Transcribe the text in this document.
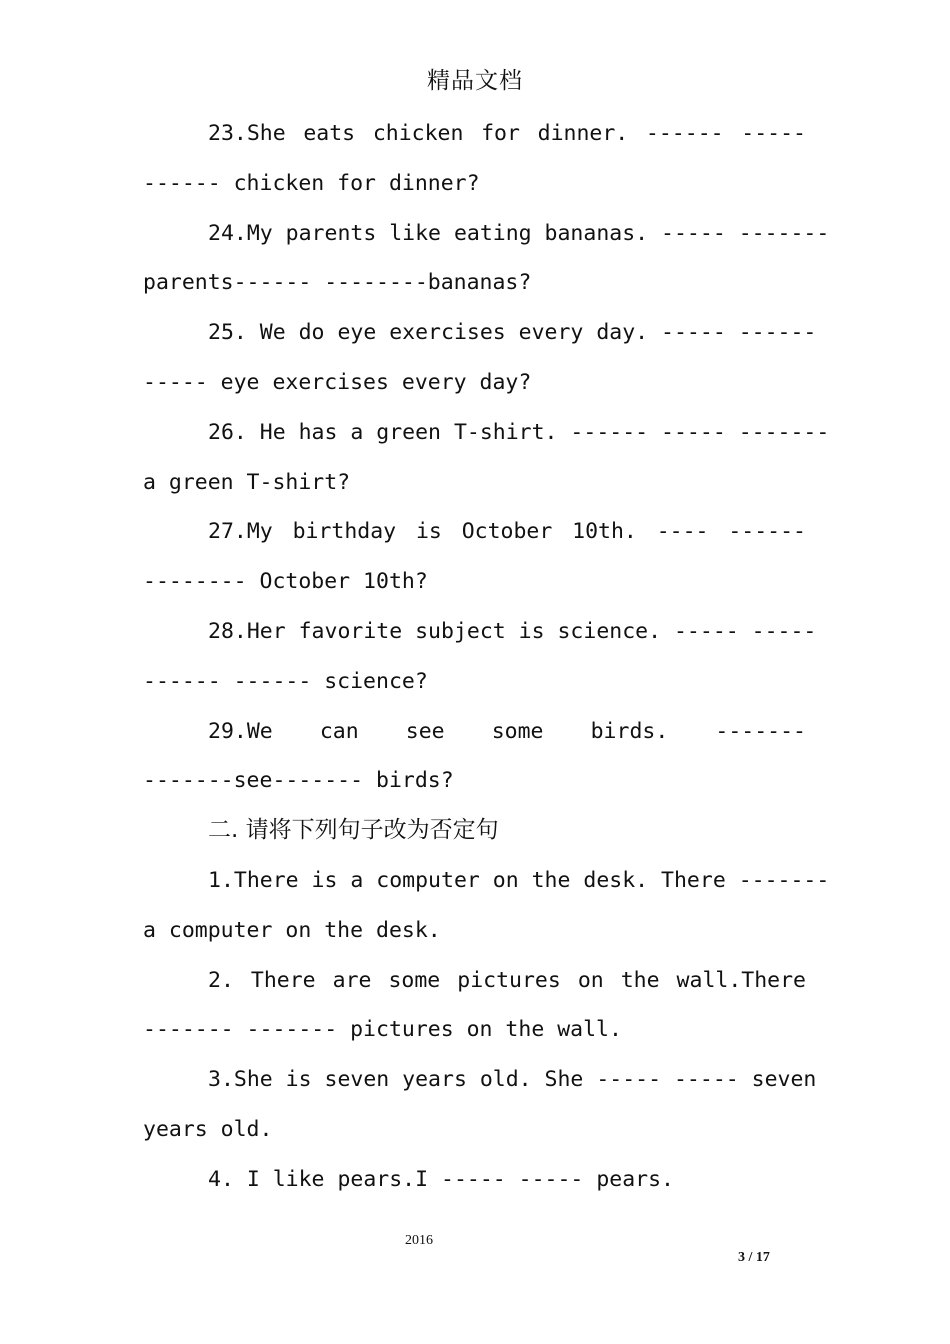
精品文档
23.She eats chicken for dinner. ------ -----
------ chicken for dinner?
24.My parents like eating bananas. ----- -------
parents------ --------bananas?
25. We do eye exercises every day. ----- ------
----- eye exercises every day?
26. He has a green T-shirt. ------ ----- -------
a green T-shirt?
27.My birthday is October 10th. ---- ------
-------- October 10th?
28.Her favorite subject is science. ----- -----
------ ------ science?
29.We can see some birds. -------
-------see------- birds?
二. 请将下列句子改为否定句
1.There is a computer on the desk. There -------
a computer on the desk.
2. There are some pictures on the wall.There
------- ------- pictures on the wall.
3.She is seven years old. She ----- ----- seven
years old.
4. I like pears.I ----- ----- pears.
2016
3 / 17
